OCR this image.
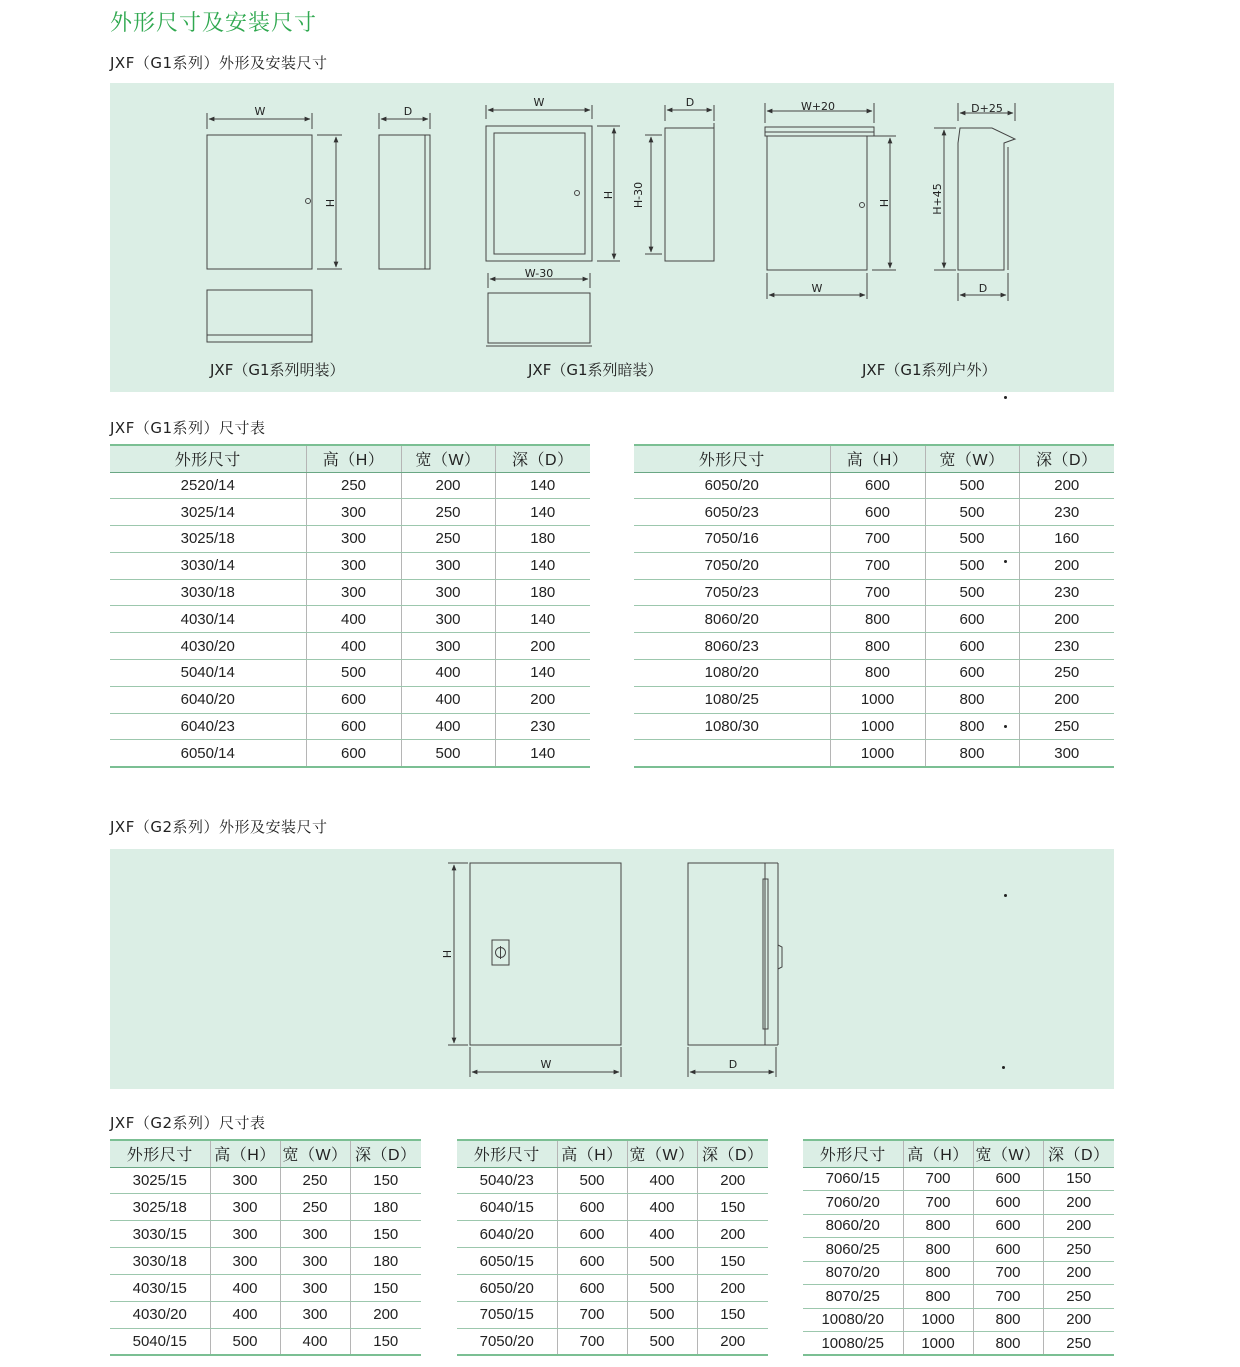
外形尺寸及安装尺寸
JXF（G1系列）外形及安装尺寸
W	D
H
W	D
H H-30
W-30
W+20
W
H
D+25
H+45
D
JXF（G1系列明装）	JXF（G1系列暗装）	JXF（G1系列户外）
JXF（G1系列）尺寸表
外形尺寸	高（H）	宽（W）	深（D）
2520/14	250	200	140
3025/14	300	250	140
3025/18	300	250	180
3030/14	300	300	140
3030/18	300	300	180
4030/14	400	300	140
4030/20	400	300	200
5040/14	500	400	140
6040/20	600	400	200
6040/23	600	400	230
6050/14	600	500	140
外形尺寸	高（H）	宽（W）	深（D）
6050/20	600	500	200
6050/23	600	500	230
7050/16	700	500	160
7050/20	700	500	200
7050/23	700	500	230
8060/20	800	600	200
8060/23	800	600	230
1080/20	800	600	250
1080/25	1000	800	200
1080/30	1000	800	250
	1000	800	300
JXF（G2系列）外形及安装尺寸
H
W	D
JXF（G2系列）尺寸表
外形尺寸	高（H）	宽（W）	深（D）
3025/15	300	250	150
3025/18	300	250	180
3030/15	300	300	150
3030/18	300	300	180
4030/15	400	300	150
4030/20	400	300	200
5040/15	500	400	150
外形尺寸	高（H）	宽（W）	深（D）
5040/23	500	400	200
6040/15	600	400	150
6040/20	600	400	200
6050/15	600	500	150
6050/20	600	500	200
7050/15	700	500	150
7050/20	700	500	200
外形尺寸	高（H）	宽（W）	深（D）
7060/15	700	600	150
7060/20	700	600	200
8060/20	800	600	200
8060/25	800	600	250
8070/20	800	700	200
8070/25	800	700	250
10080/20	1000	800	200
10080/25	1000	800	250
